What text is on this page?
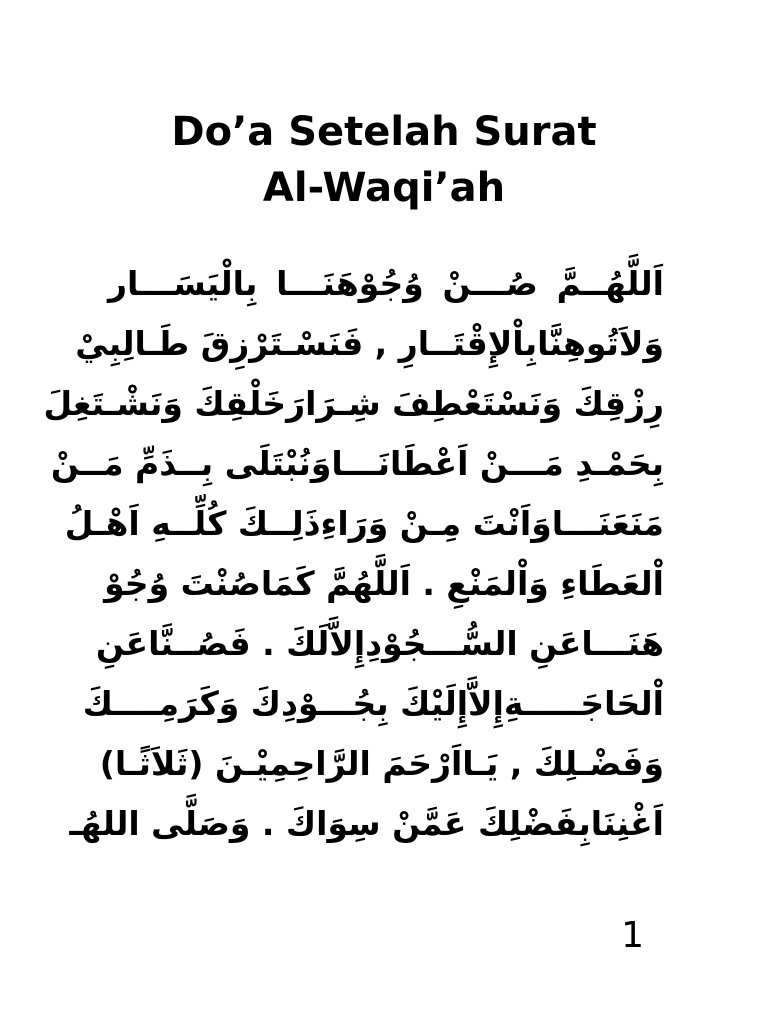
Do’a Setelah Surat
Al-Waqi’ah
اَللَّهُــمَّ صُـــنْ وُجُوْهَنَـــا بِالْيَسَـــار
وَلاَتُوهِنَّابِاْلإِقْتَــارِ , فَنَسْـتَرْزِقَ طَـالِبِيْ
رِزْقِكَ وَنَسْتَعْطِفَ شِـرَارَخَلْقِكَ وَنَشْـتَغِلَ
بِحَمْـدِ مَـــنْ اَعْطَانَـــاوَنُبْتَلَى بِــذَمِّ مَــنْ
مَنَعَنَـــاوَاَنْتَ مِـنْ وَرَاءِذَلِــكَ كُلِّــهِ اَهْـلُ
اْلعَطَاءِ وَاْلمَنْعِ . اَللَّهُمَّ كَمَاصُنْتَ وُجُوْ
هَنَـــاعَنِ السُّـــجُوْدِإِلاَّلَكَ . فَصُــنَّاعَنِ
اْلحَاجَـــــةِإِلاَّإِلَيْكَ بِجُـــوْدِكَ وَكَرَمِــــكَ
وَفَضْـلِكَ , يَـااَرْحَمَ الرَّاحِمِيْـنَ (ثَلاَثًـا)
اَغْنِنَابِفَضْلِكَ عَمَّنْ سِوَاكَ . وَصَلَّى اللهُـ
1
